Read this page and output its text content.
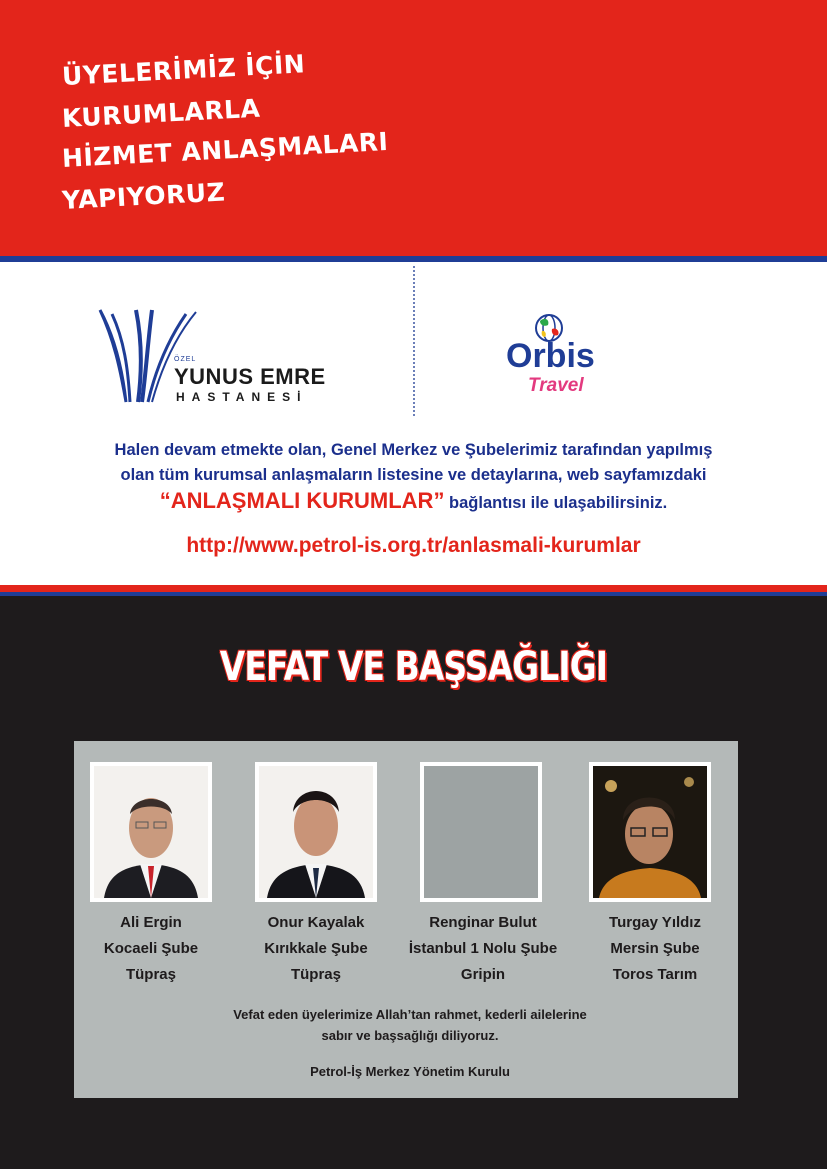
ÜYELERİMİZ İÇİN
KURUMLARLA
HİZMET ANLAŞMALARI
YAPIYORUZ
ÖZEL
YUNUS EMRE
HASTANESİ
Orbis
Travel
Halen devam etmekte olan, Genel Merkez ve Şubelerimiz tarafından yapılmış
olan tüm kurumsal anlaşmaların listesine ve detaylarına, web sayfamızdaki
“ANLAŞMALI KURUMLAR” bağlantısı ile ulaşabilirsiniz.
http://www.petrol-is.org.tr/anlasmali-kurumlar
VEFAT VE BAŞSAĞLIĞI
Ali Ergin
Kocaeli Şube
Tüpraş
Onur Kayalak
Kırıkkale Şube
Tüpraş
Renginar Bulut
İstanbul 1 Nolu Şube
Gripin
Turgay Yıldız
Mersin Şube
Toros Tarım
Vefat eden üyelerimize Allah’tan rahmet, kederli ailelerine
sabır ve başsağlığı diliyoruz.
Petrol-İş Merkez Yönetim Kurulu
